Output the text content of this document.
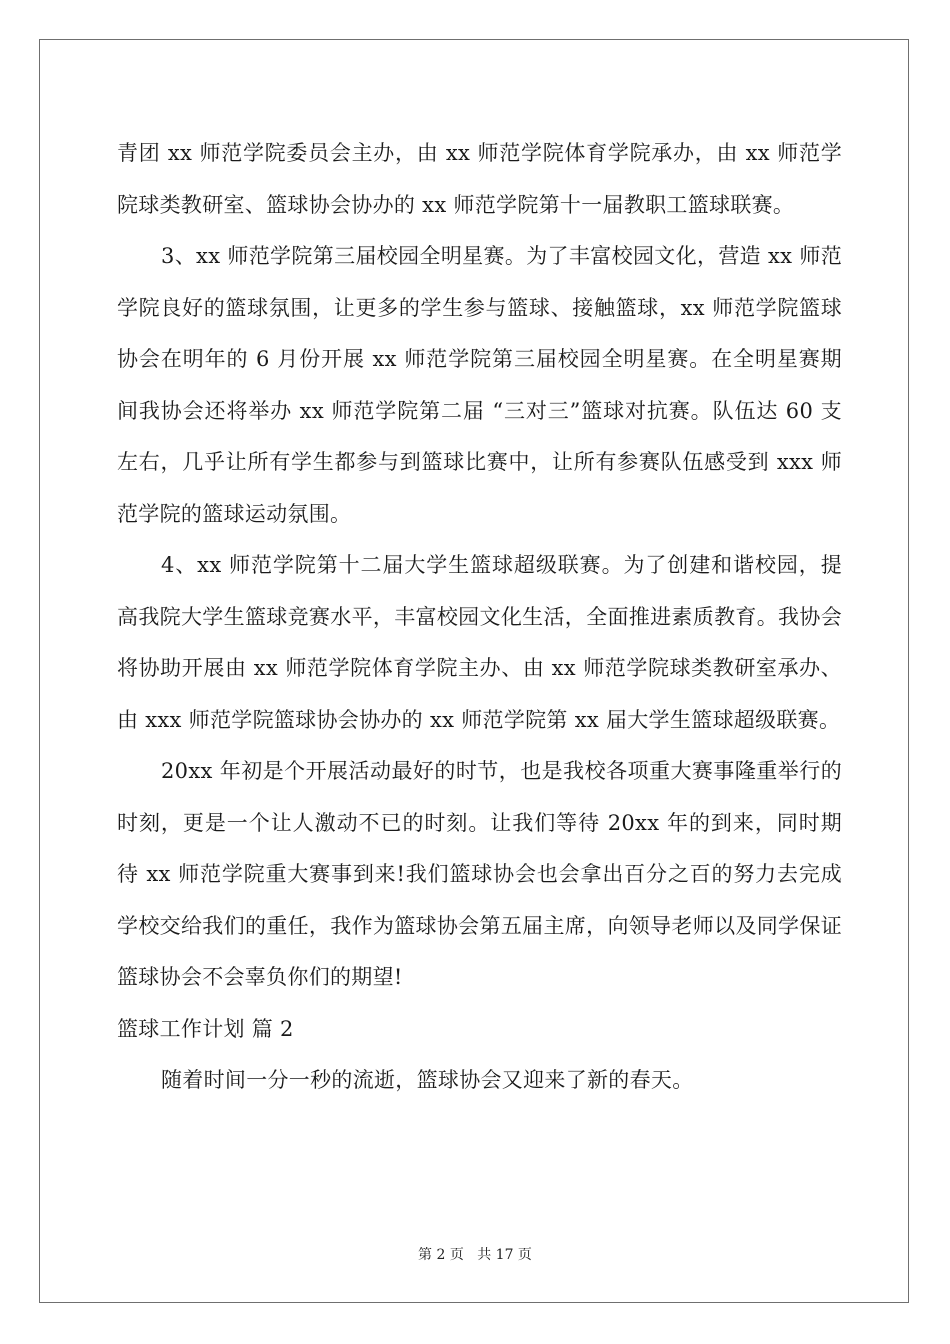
青团 xx 师范学院委员会主办，由 xx 师范学院体育学院承办，由 xx 师范学院球类教研室、篮球协会协办的 xx 师范学院第十一届教职工篮球联赛。

3、xx 师范学院第三届校园全明星赛。为了丰富校园文化，营造 xx 师范学院良好的篮球氛围，让更多的学生参与篮球、接触篮球，xx 师范学院篮球协会在明年的 6 月份开展 xx 师范学院第三届校园全明星赛。在全明星赛期间我协会还将举办 xx 师范学院第二届 “三对三”篮球对抗赛。队伍达 60 支左右，几乎让所有学生都参与到篮球比赛中，让所有参赛队伍感受到 xxx 师范学院的篮球运动氛围。

4、xx 师范学院第十二届大学生篮球超级联赛。为了创建和谐校园，提高我院大学生篮球竞赛水平，丰富校园文化生活，全面推进素质教育。我协会将协助开展由 xx 师范学院体育学院主办、由 xx 师范学院球类教研室承办、由 xxx 师范学院篮球协会协办的 xx 师范学院第 xx 届大学生篮球超级联赛。

20xx 年初是个开展活动最好的时节，也是我校各项重大赛事隆重举行的时刻，更是一个让人激动不已的时刻。让我们等待 20xx 年的到来，同时期待 xx 师范学院重大赛事到来!我们篮球协会也会拿出百分之百的努力去完成学校交给我们的重任，我作为篮球协会第五届主席，向领导老师以及同学保证篮球协会不会辜负你们的期望!

篮球工作计划 篇 2

随着时间一分一秒的流逝，篮球协会又迎来了新的春天。

第 2 页 共 17 页
